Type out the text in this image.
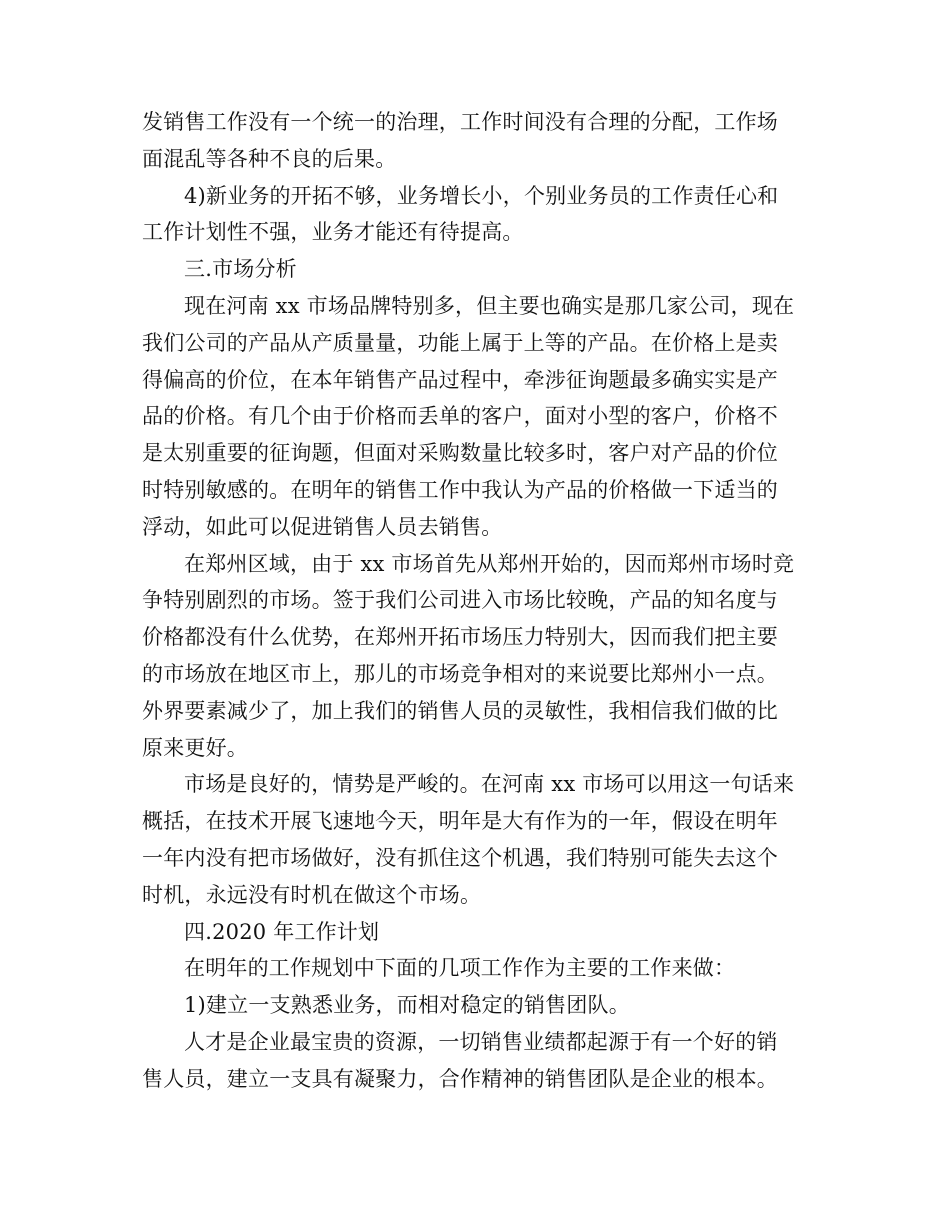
发销售工作没有一个统一的治理，工作时间没有合理的分配，工作场
面混乱等各种不良的后果。
4)新业务的开拓不够，业务增长小，个别业务员的工作责任心和
工作计划性不强，业务才能还有待提高。
三.市场分析
现在河南 xx 市场品牌特别多，但主要也确实是那几家公司，现在
我们公司的产品从产质量量，功能上属于上等的产品。在价格上是卖
得偏高的价位，在本年销售产品过程中，牵涉征询题最多确实实是产
品的价格。有几个由于价格而丢单的客户，面对小型的客户，价格不
是太别重要的征询题，但面对采购数量比较多时，客户对产品的价位
时特别敏感的。在明年的销售工作中我认为产品的价格做一下适当的
浮动，如此可以促进销售人员去销售。
在郑州区域，由于 xx 市场首先从郑州开始的，因而郑州市场时竞
争特别剧烈的市场。签于我们公司进入市场比较晚，产品的知名度与
价格都没有什么优势，在郑州开拓市场压力特别大，因而我们把主要
的市场放在地区市上，那儿的市场竞争相对的来说要比郑州小一点。
外界要素减少了，加上我们的销售人员的灵敏性，我相信我们做的比
原来更好。
市场是良好的，情势是严峻的。在河南 xx 市场可以用这一句话来
概括，在技术开展飞速地今天，明年是大有作为的一年，假设在明年
一年内没有把市场做好，没有抓住这个机遇，我们特别可能失去这个
时机，永远没有时机在做这个市场。
四.2020 年工作计划
在明年的工作规划中下面的几项工作作为主要的工作来做：
1)建立一支熟悉业务，而相对稳定的销售团队。
人才是企业最宝贵的资源，一切销售业绩都起源于有一个好的销
售人员，建立一支具有凝聚力，合作精神的销售团队是企业的根本。
